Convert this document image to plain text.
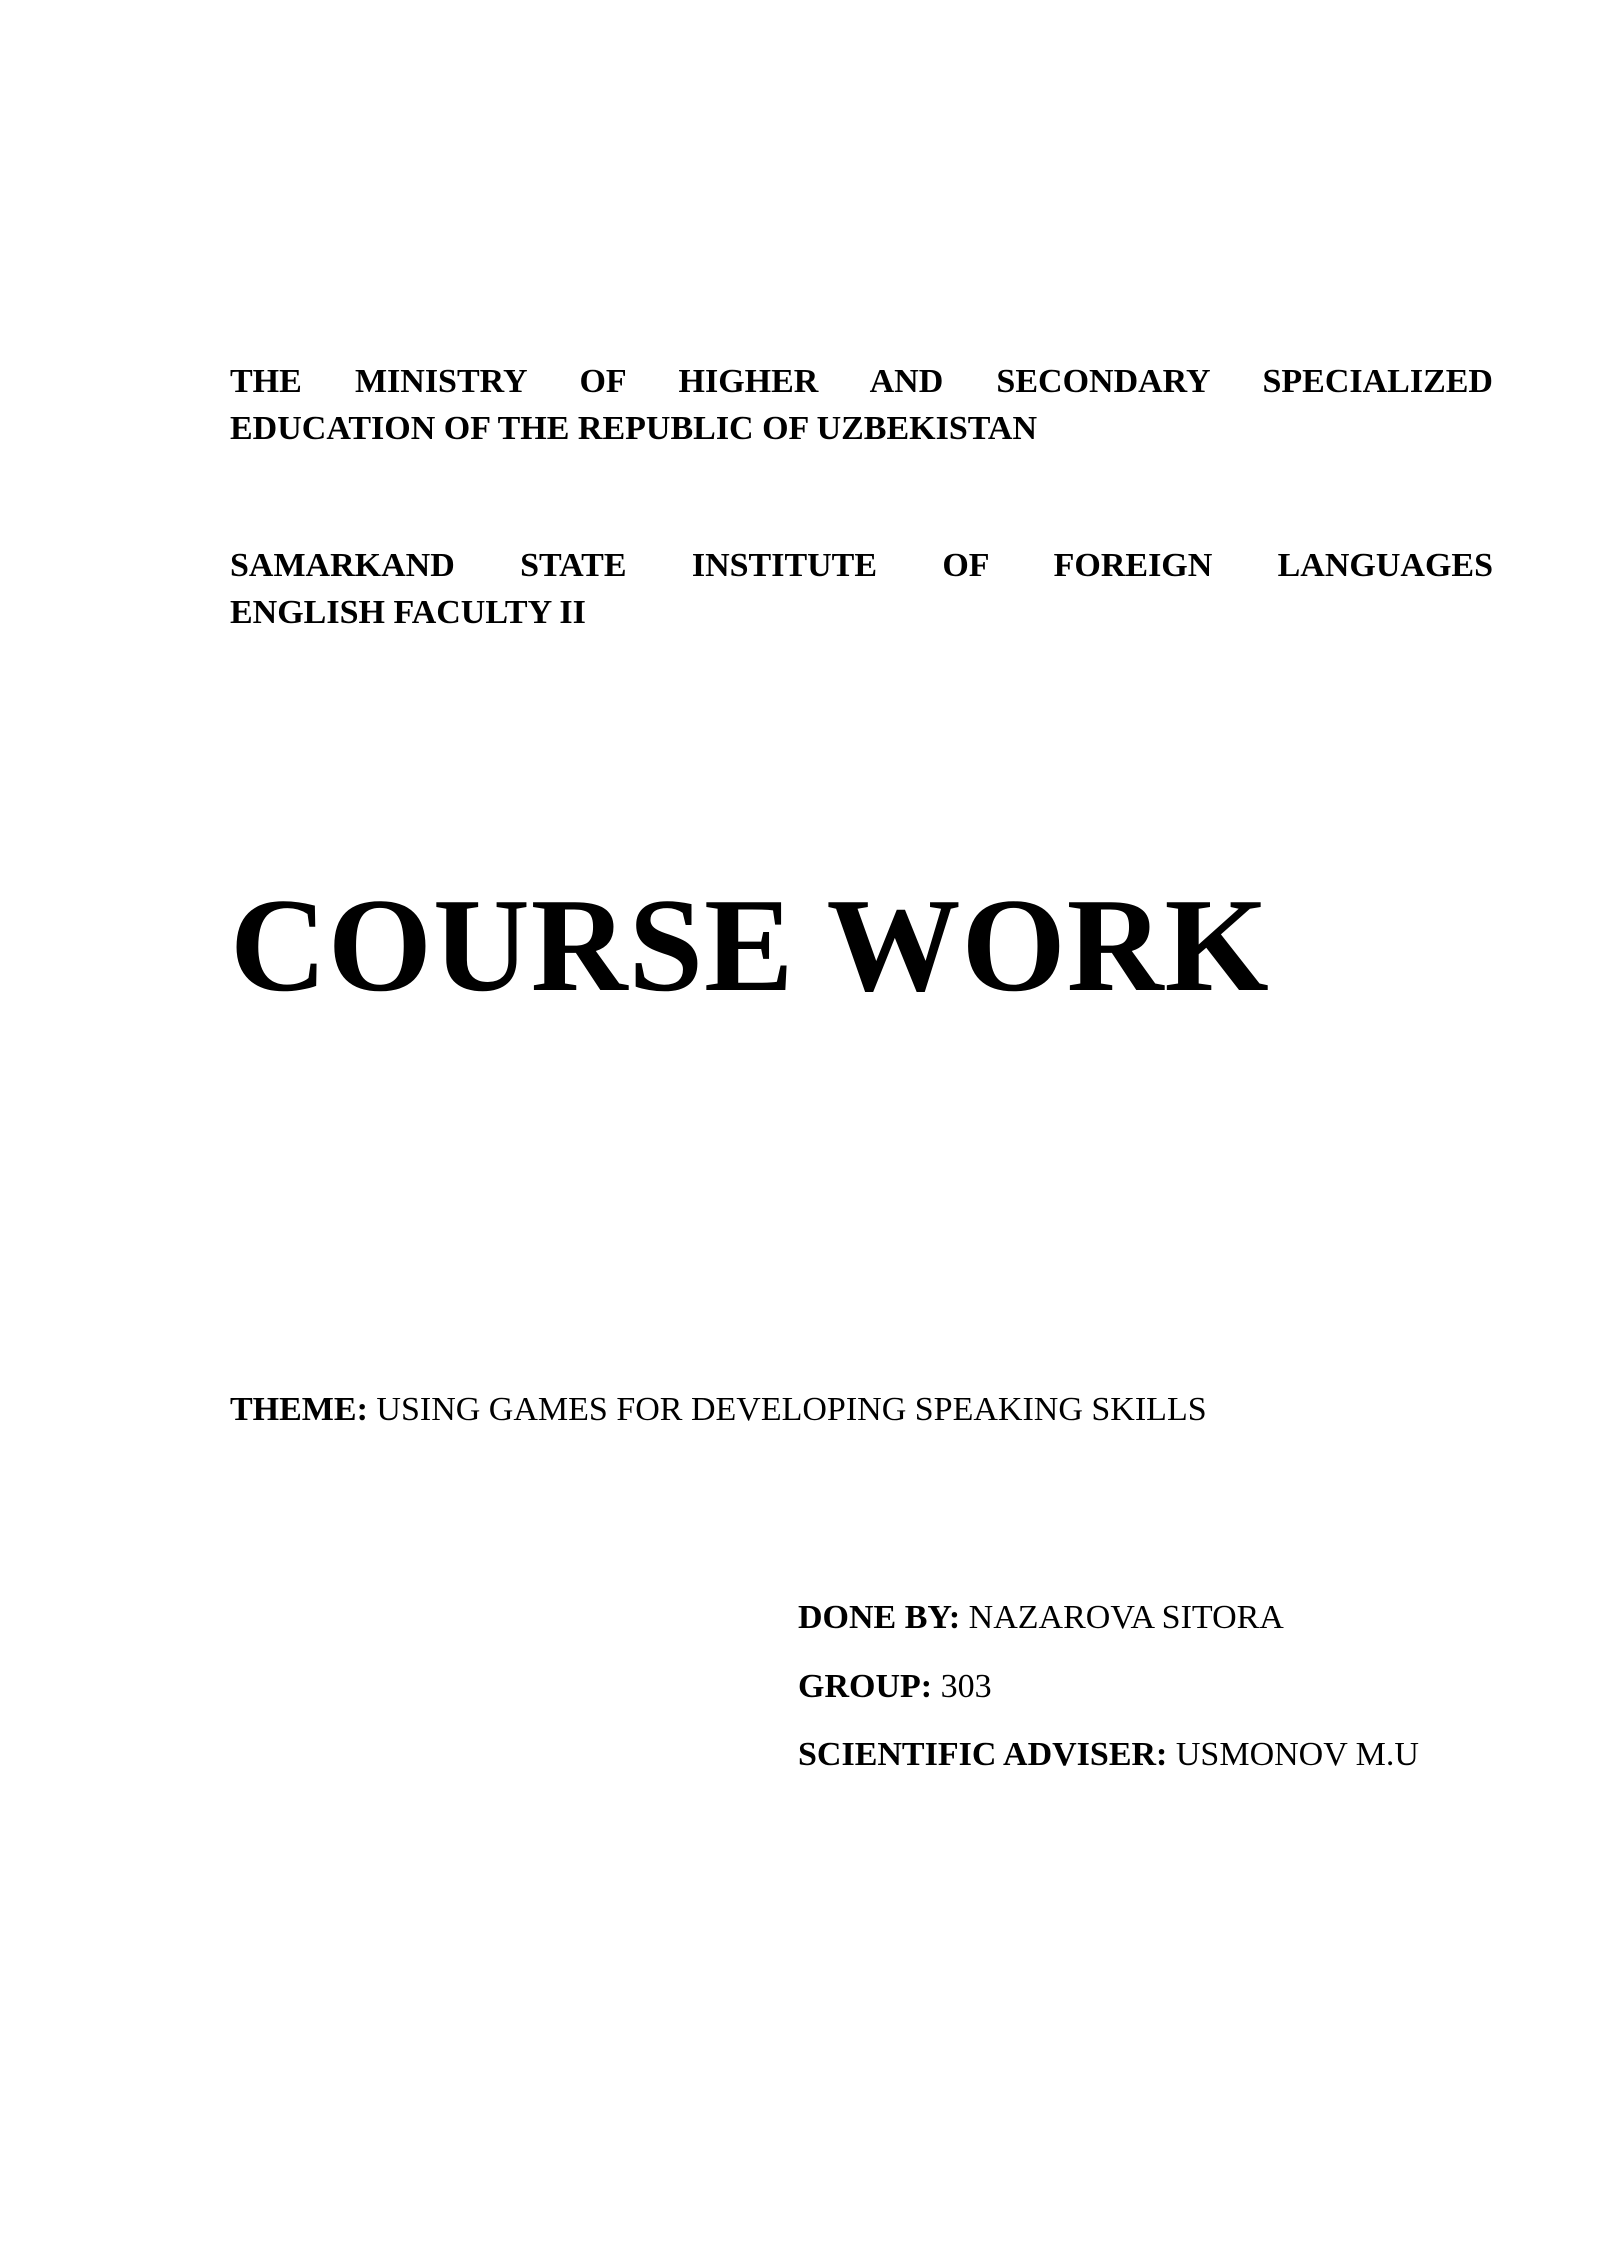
THE MINISTRY OF HIGHER AND SECONDARY SPECIALIZED
EDUCATION OF THE REPUBLIC OF UZBEKISTAN
SAMARKAND STATE INSTITUTE OF FOREIGN LANGUAGES
ENGLISH FACULTY II
COURSE WORK
THEME: USING GAMES FOR DEVELOPING SPEAKING SKILLS
DONE BY: NAZAROVA SITORA
GROUP: 303
SCIENTIFIC ADVISER: USMONOV M.U
